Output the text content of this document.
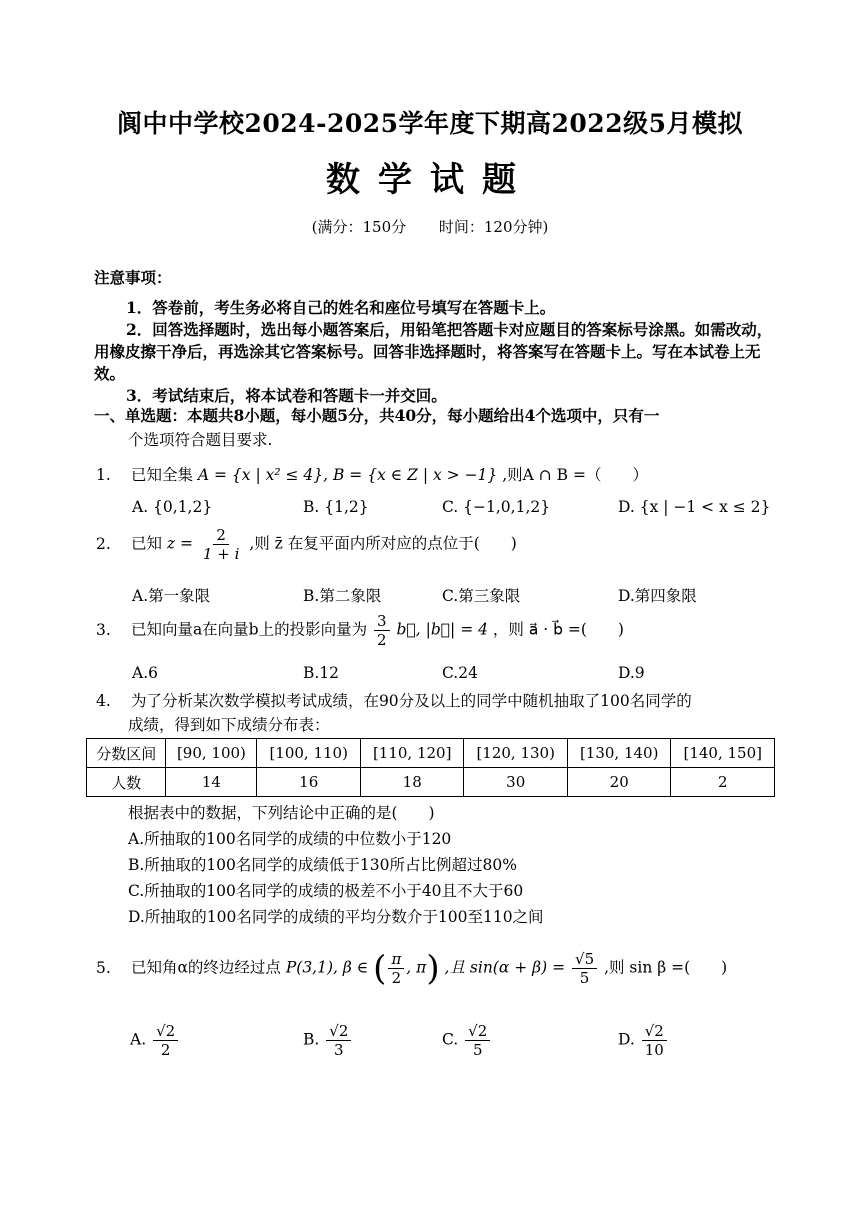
阆中中学校2024-2025学年度下期高2022级5月模拟
数学试题
(满分：150分 时间：120分钟)
注意事项：
1．答卷前，考生务必将自己的姓名和座位号填写在答题卡上。
2．回答选择题时，选出每小题答案后，用铅笔把答题卡对应题目的答案标号涂黑。如需改动，用橡皮擦干净后，再选涂其它答案标号。回答非选择题时，将答案写在答题卡上。写在本试卷上无效。
3．考试结束后，将本试卷和答题卡一并交回。
一、单选题：本题共8小题，每小题5分，共40分，每小题给出4个选项中，只有一
个选项符合题目要求.
1. 已知全集 A = {x | x² ≤ 4}, B = {x ∈ Z | x > −1} ,则A ∩ B =（　　）
A. {0,1,2}	B. {1,2}	C. {−1,0,1,2}	D. {x | −1 < x ≤ 2}
2. 已知 $z = \frac{2}{1 + i}$ ,则 z̄ 在复平面内所对应的点位于(　　)
A.第一象限	B.第二象限	C.第三象限	D.第四象限
3. 已知向量a在向量b上的投影向量为 $\frac{3}{2}$ b⃗, |b⃗| = 4 ，则 a⃗ · b⃗ =(　　)
A.6	B.12	C.24	D.9
4. 为了分析某次数学模拟考试成绩，在90分及以上的同学中随机抽取了100名同学的
成绩，得到如下成绩分布表：
分数区间	[90, 100)	[100, 110)	[110, 120]	[120, 130)	[130, 140)	[140, 150]
人数	14	16	18	30	20	2
根据表中的数据，下列结论中正确的是(　　)
A.所抽取的100名同学的成绩的中位数小于120
B.所抽取的100名同学的成绩低于130所占比例超过80%
C.所抽取的100名同学的成绩的极差不小于40且不大于60
D.所抽取的100名同学的成绩的平均分数介于100至110之间
5. 已知角α的终边经过点 P(3,1), β ∈ ( $\frac{\pi}{2}$ , π) ,且 $\sin(\alpha + \beta) = \frac{√5}{5}$ ,则 sin β =(　　)
A. $\frac{√2}{2}$	B. $\frac{√2}{3}$	C. $\frac{√2}{5}$	D. $\frac{√2}{10}$
